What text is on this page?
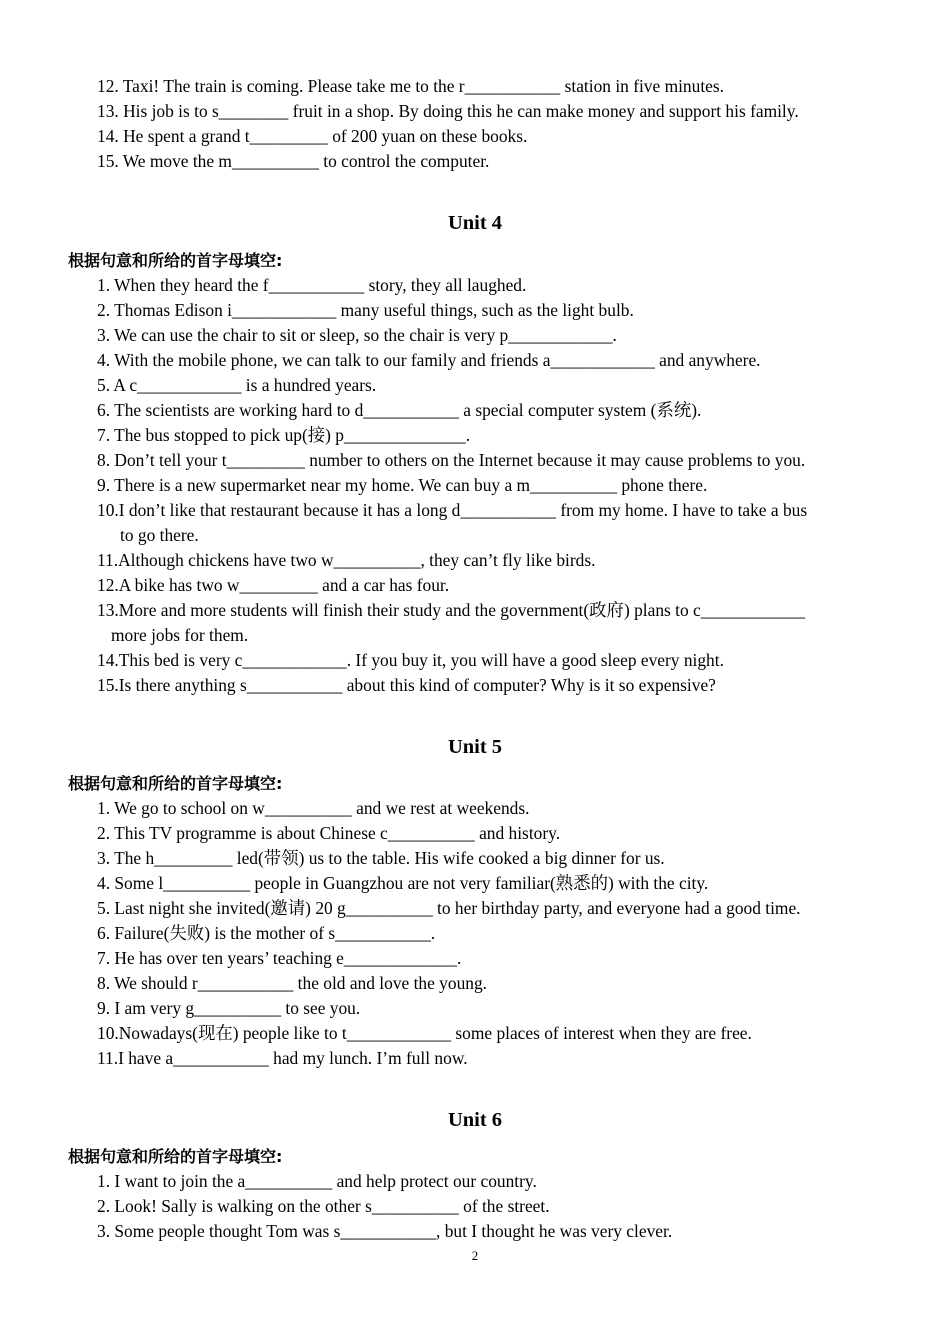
12. Taxi! The train is coming. Please take me to the r___________ station in five minutes.
13. His job is to s________ fruit in a shop. By doing this he can make money and support his family.
14. He spent a grand t_________ of 200 yuan on these books.
15. We move the m__________ to control the computer.
Unit 4
根据句意和所给的首字母填空:
1. When they heard the f___________ story, they all laughed.
2. Thomas Edison i____________ many useful things, such as the light bulb.
3. We can use the chair to sit or sleep, so the chair is very p____________.
4. With the mobile phone, we can talk to our family and friends a____________ and anywhere.
5. A c____________ is a hundred years.
6. The scientists are working hard to d___________ a special computer system (系统).
7. The bus stopped to pick up(接) p______________.
8. Don’t tell your t_________ number to others on the Internet because it may cause problems to you.
9. There is a new supermarket near my home. We can buy a m__________ phone there.
10.I don’t like that restaurant because it has a long d___________ from my home. I have to take a bus
to go there.
11.Although chickens have two w__________, they can’t fly like birds.
12.A bike has two w_________ and a car has four.
13.More and more students will finish their study and the government(政府) plans to c____________
more jobs for them.
14.This bed is very c____________. If you buy it, you will have a good sleep every night.
15.Is there anything s___________ about this kind of computer? Why is it so expensive?
Unit 5
根据句意和所给的首字母填空:
1. We go to school on w__________ and we rest at weekends.
2. This TV programme is about Chinese c__________ and history.
3. The h_________ led(带领) us to the table. His wife cooked a big dinner for us.
4. Some l__________ people in Guangzhou are not very familiar(熟悉的) with the city.
5. Last night she invited(邀请) 20 g__________ to her birthday party, and everyone had a good time.
6. Failure(失败) is the mother of s___________.
7. He has over ten years’ teaching e_____________.
8. We should r___________ the old and love the young.
9. I am very g__________ to see you.
10.Nowadays(现在) people like to t____________ some places of interest when they are free.
11.I have a___________ had my lunch. I’m full now.
Unit 6
根据句意和所给的首字母填空:
1. I want to join the a__________ and help protect our country.
2. Look! Sally is walking on the other s__________ of the street.
3. Some people thought Tom was s___________, but I thought he was very clever.
2
